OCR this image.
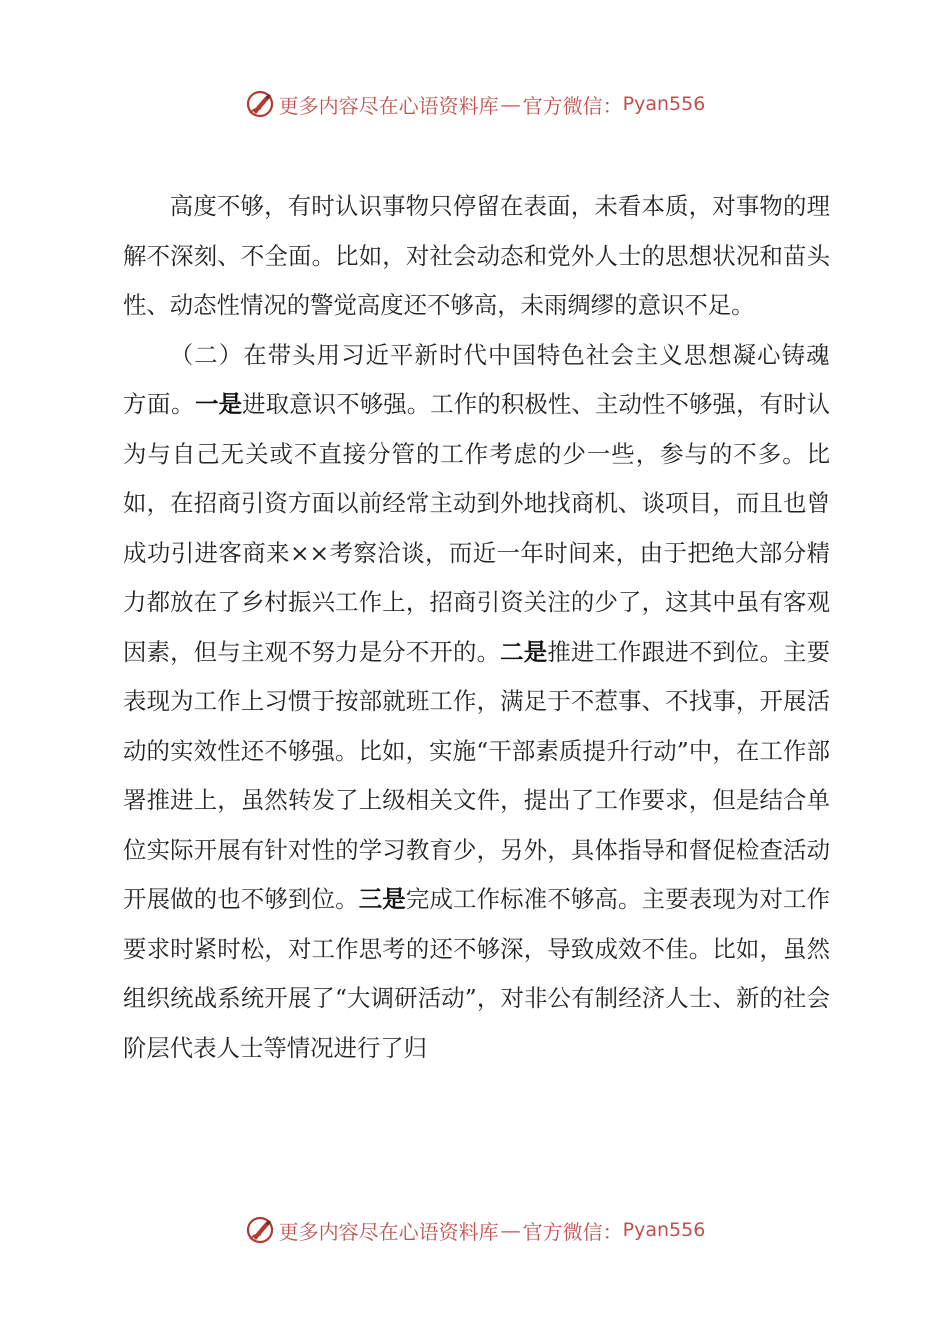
更多内容尽在心语资料库 — 官方微信： Pyan556

高度不够，有时认识事物只停留在表面，未看本质，对事物的理解不深刻、不全面。比如，对社会动态和党外人士的思想状况和苗头性、动态性情况的警觉高度还不够高，未雨绸缪的意识不足。

（二）在带头用习近平新时代中国特色社会主义思想凝心铸魂方面。一是进取意识不够强。工作的积极性、主动性不够强，有时认为与自己无关或不直接分管的工作考虑的少一些，参与的不多。比如，在招商引资方面以前经常主动到外地找商机、谈项目，而且也曾成功引进客商来××考察洽谈，而近一年时间来，由于把绝大部分精力都放在了乡村振兴工作上，招商引资关注的少了，这其中虽有客观因素，但与主观不努力是分不开的。二是推进工作跟进不到位。主要表现为工作上习惯于按部就班工作，满足于不惹事、不找事，开展活动的实效性还不够强。比如，实施“干部素质提升行动”中，在工作部署推进上，虽然转发了上级相关文件，提出了工作要求，但是结合单位实际开展有针对性的学习教育少，另外，具体指导和督促检查活动开展做的也不够到位。三是完成工作标准不够高。主要表现为对工作要求时紧时松，对工作思考的还不够深，导致成效不佳。比如，虽然组织统战系统开展了“大调研活动”，对非公有制经济人士、新的社会阶层代表人士等情况进行了归

更多内容尽在心语资料库 — 官方微信： Pyan556
